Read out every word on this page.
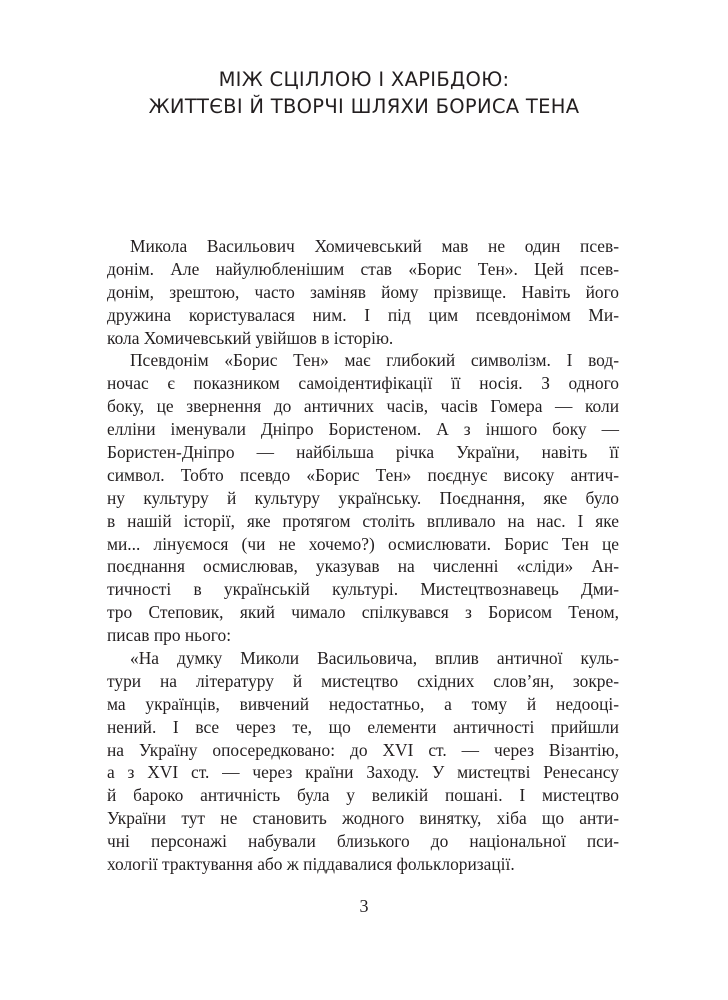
МІЖ СЦІЛЛОЮ І ХАРІБДОЮ:
ЖИТТЄВІ Й ТВОРЧІ ШЛЯХИ БОРИСА ТЕНА
Микола Васильович Хомичевський мав не один псев-
донім. Але найулюбленішим став «Борис Тен». Цей псев-
донім, зрештою, часто заміняв йому прізвище. Навіть його
дружина користувалася ним. І під цим псевдонімом Ми-
кола Хомичевський увійшов в історію.
Псевдонім «Борис Тен» має глибокий символізм. І вод-
ночас є показником самоідентифікації її носія. З одного
боку, це звернення до античних часів, часів Гомера — коли
елліни іменували Дніпро Бористеном. А з іншого боку —
Бористен-Дніпро — найбільша річка України, навіть її
символ. Тобто псевдо «Борис Тен» поєднує високу антич-
ну культуру й культуру українську. Поєднання, яке було
в нашій історії, яке протягом століть впливало на нас. І яке
ми... лінуємося (чи не хочемо?) осмислювати. Борис Тен це
поєднання осмислював, указував на численні «сліди» Ан-
тичності в українській культурі. Мистецтвознавець Дми-
тро Степовик, який чимало спілкувався з Борисом Теном,
писав про нього:
«На думку Миколи Васильовича, вплив античної куль-
тури на літературу й мистецтво східних слов’ян, зокре-
ма українців, вивчений недостатньо, а тому й недооці-
нений. І все через те, що елементи античності прийшли
на Україну опосередковано: до XVI ст. — через Візантію,
а з XVI ст. — через країни Заходу. У мистецтві Ренесансу
й бароко античність була у великій пошані. І мистецтво
України тут не становить жодного винятку, хіба що анти-
чні персонажі набували близького до національної пси-
хології трактування або ж піддавалися фольклоризації.
3
